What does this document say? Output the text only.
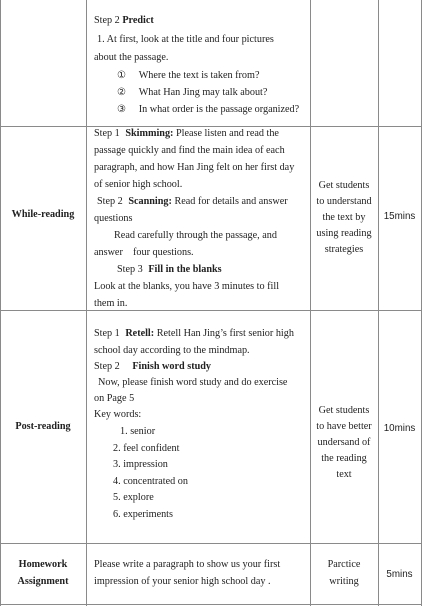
Step 2 Predict
1. At first, look at the title and four pictures
about the passage.
① Where the text is taken from?
② What Han Jing may talk about?
③ In what order is the passage organized?
While-reading
Step 1 Skimming: Please listen and read the
passage quickly and find the main idea of each
paragraph, and how Han Jing felt on her first day
of senior high school.
Step 2 Scanning: Read for details and answer
questions
Read carefully through the passage, and
answer    four questions.
Step 3 Fill in the blanks
Look at the blanks, you have 3 minutes to fill
them in.
Get students
to understand
the text by
using reading
strategies
15mins
Post-reading
Step 1 Retell: Retell Han Jing’s first senior high
school day according to the mindmap.
Step 2 Finish word study
Now, please finish word study and do exercise
on Page 5
Key words:
1. senior
2. feel confident
3. impression
4. concentrated on
5. explore
6. experiments
Get students
to have better
undersand of
the reading
text
10mins
Homework
Assignment
Please write a paragraph to show us your first
impression of your senior high school day .
Parctice
writing
5mins
